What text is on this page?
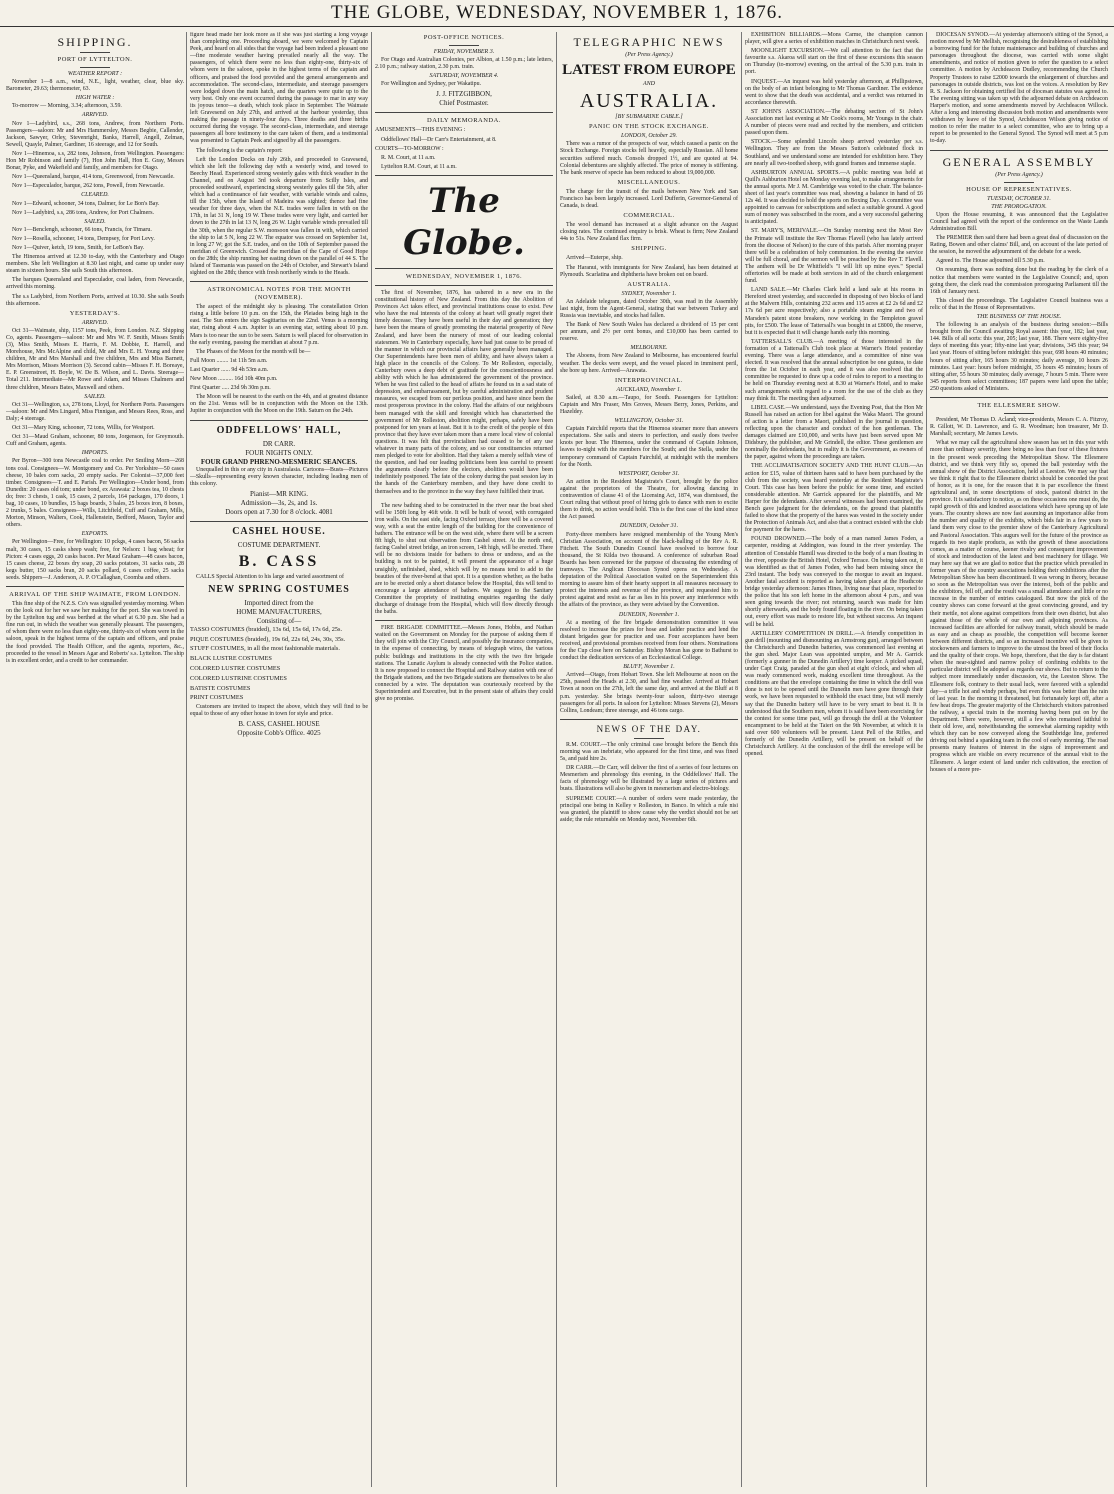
THE GLOBE, WEDNESDAY, NOVEMBER 1, 1876.
SHIPPING.
PORT OF LYTTELTON.
WEATHER REPORT :

November 1—8 a.m., wind, N.E., light, weather, clear, blue sky. Barometer, 29.63; thermometer, 63.

HIGH WATER :

To-morrow — Morning, 3.34; afternoon, 3.59.

ARRIVED.

Nov 1—Ladybird, s.s., 268 tons, Andrew, from Northern Ports. Passengers—saloon: Mr and Mrs Hammersley, Messrs Begbie, Callender, Jackson, Sawyer, Orley, Stevenright, Banks, Harrell, Angell, Zelman, Sewell, Quayle, Palmer, Gardiner, 16 steerage, and 12 for South.

Nov 1—Hinemoa, s.s, 282 tons, Johnson, from Wellington. Passengers: Hon Mr Robinson and family (7), Hon John Hall, Hon E. Gray, Messrs Bonar, Pyke, and Wakefield and family, and members for Otago.

Nov 1—Queensland, barque, 414 tons, Greenwood, from Newcastle.

Nov 1—Especulador, barque, 262 tons, Powell, from Newcastle.

CLEARED.

Nov 1—Edward, schooner, 34 tons, Dalmer, for Le Bon's Bay.

Nov 1—Ladybird, s.s, 286 tons, Andrew, for Port Chalmers.

SAILED.

Nov 1—Benclengh, schooner, 66 tons, Francis, for Timaru.

Nov 1—Rosella, schooner, 14 tons, Dempsey, for Port Levy.

Nov 1—Quiver, ketch, 19 tons, Smith, for LeBon's Bay.

The Hinemoa arrived at 12.30 to-day, with the Canterbury and Otago members. She left Wellington at 8.30 last night, and came up under easy steam in sixteen hours. She sails South this afternoon.

The barques Queensland and Especulador, coal laden, from Newcastle, arrived this morning.

The s.s Ladybird, from Northern Ports, arrived at 10.30. She sails South this afternoon.

YESTERDAY'S.
ARRIVED.

Oct 31—Waimate, ship, 1157 tons, Peek, from London. N.Z. Shipping Co, agents. Passengers—saloon: Mr and Mrs W. F. Smith, Misses Smith (3), Miss Smith, Misses E. Harris, F. M. Dobbie, E. Harrell, and Morehouse, Mrs McAlpine and child, Mr and Mrs E. H. Young and three children, Mr and Mrs Marshall and five children, Mrs and Miss Barnett, Mrs Morrison, Misses Morrison (3). Second cabin—Misses F. H. Boreaye, E. P. Greenstreet, H. Boyle, W. De B. Wilson, and L. Davis. Steerage—Total 211. Intermediate—Mr Rowe and Adam, and Misses Chalmers and three children, Messrs Bates, Maxwell and others.

SAILED.

Oct 31—Wellington, s.s, 278 tons, Lloyd, for Northern Ports. Passengers—saloon: Mr and Mrs Lingard, Miss Finnigan, and Messrs Rees, Ross, and Daly; 4 steerage.

Oct 31—Mary King, schooner, 72 tons, Willis, for Westport.

Oct 31—Maud Graham, schooner, 80 tons, Jorgenson, for Greymouth. Cuff and Graham, agents.

IMPORTS.

Per Byron—300 tons Newcastle coal to order. Per Smiling Morn—268 tons coal. Consignees—W. Montgomery and Co. Per Yorkshire—50 cases cheese, 10 bales corn sacks, 20 empty sacks. Per Colonist—37,000 feet timber. Consignees—T. and E. Parish. Per Wellington—Under bond, from Dunedin: 20 cases old tom; under bond, ex Arawata: 2 boxes tea, 10 chests do; free: 3 chests, 1 cask, 15 cases, 2 parcels, 164 packages, 170 doors, 1 bag, 10 cases, 10 bundles, 15 bags boards, 3 bales, 25 boxes iron, 8 boxes, 2 trunks, 5 bales. Consignees—Wills, Litchfield, Cuff and Graham, Mills, Morton, Minson, Walters, Cook, Hallenstein, Bedford, Mason, Taylor and others.

EXPORTS.

Per Wellington—Free, for Wellington: 10 pckgs, 4 cases bacon, 56 sacks malt, 30 cases, 15 casks sheep wash; free, for Nelson: 1 bag wheat; for Picton: 4 cases eggs, 20 casks bacon. Per Maud Graham—48 cases bacon, 15 cases cheese, 22 boxes dry soap, 20 sacks potatoes, 31 sacks oats, 28 kegs butter, 150 sacks bran, 20 sacks pollard, 6 cases coffee, 25 sacks seeds. Shippers—J. Anderson, A. P. O'Callaghan, Coomba and others.

ARRIVAL OF THE SHIP WAIMATE, FROM LONDON.

This fine ship of the N.Z.S. Co's was signalled yesterday morning. When on the look out for her we saw her making for the port. She was towed in by the Lyttelton tug and was berthed at the wharf at 6.30 p.m. She had a fine run out, in which the weather was generally pleasant. The passengers, of whom there were no less than eighty-one, thirty-six of whom were in the saloon, speak in the highest terms of the captain and officers, and praise the food provided. The Health Officer, and the agents, reporters, &c., proceeded to the vessel in Messrs Agar and Roberts' s.s. Lyttelton. The ship is in excellent order, and a credit to her commander.

figure head made her look more as if she was just starting a long voyage than completing one. Proceeding aboard, we were welcomed by Captain Peek, and heard on all sides that the voyage had been indeed a pleasant one—fine moderate weather having prevailed nearly all the way. The passengers, of which there were no less than eighty-one, thirty-six of whom were in the saloon, spoke in the highest terms of the captain and officers, and praised the food provided and the general arrangements and accommodation. The second-class, intermediate, and steerage passengers were lodged down the main hatch, and the quarters were quite up to the very best. Only one event occurred during the passage to mar in any way its joyous tenor—a death, which took place in September. The Waimate left Gravesend on July 27th, and arrived at the harbour yesterday, thus making the passage in ninety-four days. Three deaths and three births occurred during the voyage. The second-class, intermediate, and steerage passengers all bore testimony to the care taken of them, and a testimonial was presented to Captain Peek and signed by all the passengers.

The following is the captain's report:

Left the London Docks on July 26th, and proceeded to Gravesend, which she left the following day with a westerly wind, and towed to Beechy Head. Experienced strong westerly gales with thick weather in the Channel, and on August 3rd took departure from Scilly Isles, and proceeded southward, experiencing strong westerly gales till the 5th, after which had a continuance of fair weather, with variable winds and calms, till the 15th, when the Island of Madeira was sighted; thence had fine weather for three days, when the N.E. trades were fallen in with on the 17th, in lat 31 N, long 19 W. These trades were very light, and carried her down to the 27th in lat 13 N, long 26 W. Light variable winds prevailed till the 30th, when the regular S.W. monsoon was fallen in with, which carried the ship to lat 5 N, long 22 W. The equator was crossed on September 1st, in long 27 W; got the S.E. trades, and on the 10th of September passed the meridian of Greenwich. Crossed the meridian of the Cape of Good Hope on the 28th; the ship running her easting down on the parallel of 44 S. The Island of Tasmania was passed on the 24th of October, and Stewart's Island sighted on the 28th; thence with fresh northerly winds to the Heads.

ASTRONOMICAL NOTES FOR THE MONTH (NOVEMBER).

The aspect of the midnight sky is pleasing. The constellation Orion rising a little before 10 p.m. on the 15th, the Pleiades being high in the east. The Sun enters the sign Sagittarius on the 22nd. Venus is a morning star, rising about 4 a.m. Jupiter is an evening star, setting about 10 p.m. Mars is too near the sun to be seen. Saturn is well placed for observation in the early evening, passing the meridian at about 7 p.m.

The Phases of the Moon for the month will be—

Full Moon ........ 1st 11h 5m a.m.

Last Quarter ...... 9d 4h 53m a.m.

New Moon .......... 16d 10h 40m p.m.

First Quarter ..... 23d 9h 30m p.m.

The Moon will be nearest to the earth on the 4th, and at greatest distance on the 21st. Venus will be in conjunction with the Moon on the 13th. Jupiter in conjunction with the Moon on the 19th. Saturn on the 24th.

ODDFELLOWS' HALL,
DR CARR.
FOUR NIGHTS ONLY.
FOUR GRAND PHRENO-MESMERIC SEANCES.

Unequalled in this or any city in Australasia. Cartoons—Busts—Pictures—Skulls—representing every known character, including leading men of this colony.

Pianist—MR KING.
Admission—3s, 2s, and 1s.
Doors open at 7.30 for 8 o'clock. 4081
CASHEL HOUSE.
COSTUME DEPARTMENT.
B. CASS

CALLS Special Attention to his large and varied assortment of

NEW SPRING COSTUMES
Imported direct from the
HOME MANUFACTURERS,
Consisting of—

TASSO COSTUMES (braided), 13s 6d, 15s 6d, 17s 6d, 25s.

PIQUE COSTUMES (braided), 19s 6d, 22s 6d, 24s, 30s, 35s.

STUFF COSTUMES, in all the most fashionable materials.

BLACK LUSTRE COSTUMES

COLORED LUSTRE COSTUMES

COLORED LUSTRINE COSTUMES

BATISTE COSTUMES

PRINT COSTUMES

Customers are invited to inspect the above, which they will find to be equal to those of any other house in town for style and price.

B. CASS, CASHEL HOUSE
Opposite Cobb's Office. 4025
POST-OFFICE NOTICES.
FRIDAY, NOVEMBER 3.

For Otago and Australian Colonies, per Albion, at 1.50 p.m.; late letters, 2.10 p.m.; railway station, 2.30 p.m. train.

SATURDAY, NOVEMBER 4.

For Wellington and Sydney, per Wakatipu.

J. J. FITZGIBBON,
Chief Postmaster.
DAILY MEMORANDA.

AMUSEMENTS—THIS EVENING :

Oddfellows' Hall—Dr Carr's Entertainment, at 8.

COURTS—TO-MORROW :

R. M. Court, at 11 a.m.

Lyttelton R.M. Court, at 11 a.m.

The Globe.
WEDNESDAY, NOVEMBER 1, 1876.

The first of November, 1876, has ushered in a new era in the constitutional history of New Zealand. From this day the Abolition of Provinces Act takes effect, and provincial institutions cease to exist. Few who have the real interests of the colony at heart will greatly regret their timely decease. They have been useful in their day and generation; they have been the means of greatly promoting the material prosperity of New Zealand, and have been the nursery of most of our leading colonial statesmen. We in Canterbury especially, have had just cause to be proud of the manner in which our provincial affairs have generally been managed. Our Superintendents have been men of ability, and have always taken a high place in the councils of the Colony. To Mr Rolleston, especially, Canterbury owes a deep debt of gratitude for the conscientiousness and ability with which he has administered the government of the province. When he was first called to the head of affairs he found us in a sad state of depression, and embarrassment, but by careful administration and prudent measures, we escaped from our perilous position, and have since been the most prosperous province in the colony. Had the affairs of our neighbours been managed with the skill and foresight which has characterised the government of Mr Rolleston, abolition might, perhaps, safely have been postponed for ten years at least. But it is to the credit of the people of this province that they have ever taken more than a mere local view of colonial questions. It was felt that provincialism had ceased to be of any use whatever in many parts of the colony, and so our constituencies returned men pledged to vote for abolition. Had they taken a merely selfish view of the question, and had our leading politicians been less careful to present the arguments clearly before the electors, abolition would have been indefinitely postponed. The fate of the colony during the past session lay in the hands of the Canterbury members, and they have done credit to themselves and to the province in the way they have fulfilled their trust.

The new bathing shed to be constructed in the river near the boat shed will be 150ft long by 46ft wide. It will be built of wood, with corrugated iron walls. On the east side, facing Oxford terrace, there will be a covered way, with a seat the entire length of the building for the convenience of bathers. The entrance will be on the west side, where there will be a screen 8ft high, to shut out observation from Cashel street. At the north end, facing Cashel street bridge, an iron screen, 14ft high, will be erected. There will be no divisions inside for bathers to dress or undress, and as the building is not to be painted, it will present the appearance of a huge unsightly, unfinished, shed, which will by no means tend to add to the beauties of the river-bend at that spot. It is a question whether, as the baths are to be erected only a short distance below the Hospital, this will tend to encourage a large attendance of bathers. We suggest to the Sanitary Committee the propriety of instituting enquiries regarding the daily discharge of drainage from the Hospital, which will flow directly through the baths.

FIRE BRIGADE COMMITTEE.—Messrs Jones, Hobbs, and Nathan waited on the Government on Monday for the purpose of asking them if they will join with the City Council, and possibly the insurance companies, in the expense of connecting, by means of telegraph wires, the various public buildings and institutions in the city with the two fire brigade stations. The Lunatic Asylum is already connected with the Police station. It is now proposed to connect the Hospital and Railway station with one of the Brigade stations, and the two Brigade stations are themselves to be also connected by a wire. The deputation was courteously received by the Superintendent and Executive, but in the present state of affairs they could give no promise.

TELEGRAPHIC NEWS
(Per Press Agency.)
LATEST FROM EUROPE
AND
AUSTRALIA.
[BY SUBMARINE CABLE.]
PANIC ON THE STOCK EXCHANGE.
LONDON, October 29.

There was a rumor of the prospects of war, which caused a panic on the Stock Exchange. Foreign stocks fell heavily, especially Russian. All home securities suffered much. Consols dropped 1½, and are quoted at 94. Colonial debentures are slightly affected. The price of money is stiffening. The bank reserve of specie has been reduced to about 19,000,000.

MISCELLANEOUS.

The charge for the transit of the mails between New York and San Francisco has been largely increased. Lord Dufferin, Governor-General of Canada, is dead.

COMMERCIAL.

The wool demand has increased at a slight advance on the August closing rates. The continued enquiry is brisk. Wheat is firm; New Zealand 44s to 51s. New Zealand flax firm.

SHIPPING.

Arrived—Euterpe, ship.

The Haranui, with immigrants for New Zealand, has been detained at Plymouth. Scarlatina and diphtheria have broken out on board.

AUSTRALIA.
SYDNEY, November 1.

An Adelaide telegram, dated October 30th, was read in the Assembly last night, from the Agent-General, stating that war between Turkey and Russia was inevitable, and stocks had fallen.

The Bank of New South Wales has declared a dividend of 15 per cent per annum, and 2½ per cent bonus, and £10,000 has been carried to reserve.

MELBOURNE.

The Aboens, from New Zealand to Melbourne, has encountered fearful weather. The decks were swept, and the vessel placed in imminent peril, she bore up here. Arrived—Arawata.

INTERPROVINCIAL.
AUCKLAND, November 1.

Sailed, at 8.30 a.m.—Taupo, for South. Passengers for Lyttelton: Captain and Mrs Fraser, Mrs Groves, Messrs Berry, Jones, Perkins, and Hazeldey.

WELLINGTON, October 31.

Captain Fairchild reports that the Hinemoa steamer more than answers expectations. She sails and steers to perfection, and easily does twelve knots per hour. The Hinemoa, under the command of Captain Johnson, leaves to-night with the members for the South; and the Stella, under the temporary command of Captain Fairchild, at midnight with the members for the North.

WESTPORT, October 31.

An action in the Resident Magistrate's Court, brought by the police against the proprietors of the Theatre, for allowing dancing in contravention of clause 41 of the Licensing Act, 1874, was dismissed, the Court ruling that without proof of hiring girls to dance with men to excite them to drink, no action would hold. This is the first case of the kind since the Act passed.

DUNEDIN, October 31.

Forty-three members have resigned membership of the Young Men's Christian Association, on account of the black-balling of the Rev A. R. Fitchett. The South Dunedin Council have resolved to borrow four thousand, the St Kilda two thousand. A conference of suburban Road Boards has been convened for the purpose of discussing the extending of tramways. The Anglican Diocesan Synod opens on Wednesday. A deputation of the Political Association waited on the Superintendent this morning to assure him of their hearty support in all measures necessary to protect the interests and revenue of the province, and requested him to protest against and resist as far as lies in his power any interference with the affairs of the province, as they were advised by the Convention.

DUNEDIN, November 1.

At a meeting of the fire brigade demonstration committee it was resolved to increase the prizes for hose and ladder practice and lend the distant brigades gear for practice and use. Four acceptances have been received, and provisional promises received from four others. Nominations for the Cup close here on Saturday. Bishop Moran has gone to Bathurst to conduct the dedication services of an Ecclesiastical College.

BLUFF, November 1.

Arrived—Otago, from Hobart Town. She left Melbourne at noon on the 25th, passed the Heads at 2.30, and had fine weather. Arrived at Hobart Town at noon on the 27th, left the same day, and arrived at the Bluff at 8 p.m. yesterday. She brings twenty-four saloon, thirty-two steerage passengers for all ports. In saloon for Lyttelton: Misses Stevens (2), Messrs Collins, Londeam; three steerage, and 46 tons cargo.

NEWS OF THE DAY.

R.M. COURT.—The only criminal case brought before the Bench this morning was an inebriate, who appeared for the first time, and was fined 5s, and paid hire 2s.

DR CARR.—Dr Carr, will deliver the first of a series of four lectures on Mesmerism and phrenology this evening, in the Oddfellows' Hall. The facts of phrenology will be illustrated by a large series of pictures and busts. Illustrations will also be given in mesmerism and electro-biology.

SUPREME COURT.—A number of orders were made yesterday, the principal one being in Kelley v Rolleston, in Banco. In which a rule nisi was granted, the plaintiff to show cause why the verdict should not be set aside; the rule returnable on Monday next, November 6th.

EXHIBITION BILLIARDS.—Mons Carme, the champion cannon player, will give a series of exhibition matches in Christchurch next week.

MOONLIGHT EXCURSION.—We call attention to the fact that the favourite s.s. Akaroa will start on the first of these excursions this season on Thursday (to-morrow) evening, on the arrival of the 5.30 p.m. train in port.

INQUEST.—An inquest was held yesterday afternoon, at Phillipstown, on the body of an infant belonging to Mr Thomas Gardiner. The evidence went to show that the death was accidental, and a verdict was returned in accordance therewith.

ST JOHN'S ASSOCIATION.—The debating section of St John's Association met last evening at Mr Cook's rooms, Mr Youngs in the chair. A number of pieces were read and recited by the members, and criticism passed upon them.

STOCK.—Some splendid Lincoln sheep arrived yesterday per s.s. Wellington. They are from the Messrs Sutton's celebrated flock in Southland, and we understand some are intended for exhibition here. They are nearly all two-toothed sheep, with grand frames and immense staple.

ASHBURTON ANNUAL SPORTS.—A public meeting was held at Quill's Ashburton Hotel on Monday evening last, to make arrangements for the annual sports. Mr J. M. Cambridge was voted to the chair. The balance-sheet of last year's committee was read, showing a balance in hand of £6 12s 4d. It was decided to hold the sports on Boxing Day. A committee was appointed to canvass for subscriptions and select a suitable ground. A good sum of money was subscribed in the room, and a very successful gathering is anticipated.

ST. MARY'S, MERIVALE.—On Sunday morning next the Most Rev the Primate will institute the Rev Thomas Flavell (who has lately arrived from the diocese of Nelson) to the cure of this parish. After morning prayer there will be a celebration of holy communion. In the evening the service will be full choral, and the sermon will be preached by the Rev T. Flavell. The anthem will be Dr Whitfield's "I will lift up mine eyes." Special offertories will be made at both services in aid of the church enlargement fund.

LAND SALE.—Mr Charles Clark held a land sale at his rooms in Hereford street yesterday, and succeeded in disposing of two blocks of land at the Malvern Hills, containing 232 acres and 115 acres at £2 2s 6d and £2 17s 6d per acre respectively; also a portable steam engine and two of Marsden's patent stone breakers, now working in the Templeton gravel pits, for £500. The lease of Tattersall's was bought in at £8000, the reserve, but it is expected that it will change hands early this morning.

TATTERSALL'S CLUB.—A meeting of those interested in the formation of a Tattersall's Club took place at Warner's Hotel yesterday evening. There was a large attendance, and a committee of nine was elected. It was resolved that the annual subscription be one guinea, to date from the 1st October in each year, and it was also resolved that the committee be requested to draw up a code of rules to report to a meeting to be held on Thursday evening next at 8.30 at Warner's Hotel, and to make such arrangements with regard to a room for the use of the club as they may think fit. The meeting then adjourned.

LIBEL CASE.—We understand, says the Evening Post, that the Hon Mr Russell has raised an action for libel against the Waka Maori. The ground of action is a letter from a Maori, published in the journal in question, reflecting upon the character and conduct of the hon gentleman. The damages claimed are £10,000, and writs have just been served upon Mr Didsbury, the publisher, and Mr Grindell, the editor. These gentlemen are nominally the defendants, but in reality it is the Government, as owners of the paper, against whom the proceedings are taken.

THE ACCLIMATISATION SOCIETY AND THE HUNT CLUB.—An action for £15, value of thirteen hares said to have been purchased by the club from the society, was heard yesterday at the Resident Magistrate's Court. This case has been before the public for some time, and excited considerable attention. Mr Garrick appeared for the plaintiffs, and Mr Harper for the defendants. After several witnesses had been examined, the Bench gave judgment for the defendants, on the ground that plaintiffs failed to show that the property of the hares was vested in the society under the Protection of Animals Act, and also that a contract existed with the club for payment for the hares.

FOUND DROWNED.—The body of a man named James Foden, a carpenter, residing at Addington, was found in the river yesterday. The attention of Constable Hamill was directed to the body of a man floating in the river, opposite the British Hotel, Oxford Terrace. On being taken out, it was identified as that of James Foden, who had been missing since the 23rd instant. The body was conveyed to the morgue to await an inquest. Another fatal accident is reported as having taken place at the Heathcote bridge yesterday afternoon: James Hines, living near that place, reported to the police that his son left home in the afternoon about 4 p.m., and was seen going towards the river; not returning, search was made for him shortly afterwards, and the body found floating in the river. On being taken out, every effort was made to restore life, but without success. An inquest will be held.

ARTILLERY COMPETITION IN DRILL.—A friendly competition in gun drill (mounting and dismounting an Armstrong gun), arranged between the Christchurch and Dunedin batteries, was commenced last evening at the gun shed. Major Lean was appointed umpire, and Mr A. Garrick (formerly a gunner in the Dunedin Artillery) time keeper. A picked squad, under Capt Craig, paraded at the gun shed at eight o'clock, and when all was ready commenced work, making excellent time throughout. As the conditions are that the envelope containing the time in which the drill was done is not to be opened until the Dunedin men have gone through their work, we have been requested to withhold the exact time, but will merely say that the Dunedin battery will have to be very smart to beat it. It is understood that the Southern men, whom it is said have been exercising for the contest for some time past, will go through the drill at the Volunteer encampment to be held at the Taieri on the 9th November, at which it is said over 600 volunteers will be present. Lieut Pell of the Rifles, and formerly of the Dunedin Artillery, will be present on behalf of the Christchurch Artillery. At the conclusion of the drill the envelope will be opened.

DIOCESAN SYNOD.—At yesterday afternoon's sitting of the Synod, a motion moved by Mr Mellish, recognising the desirableness of establishing a borrowing fund for the future maintenance and building of churches and parsonages throughout the diocese, was carried with some slight amendments, and notice of motion given to refer the question to a select committee. A motion by Archdeacon Dudley, recommending the Church Property Trustees to raise £2000 towards the enlargement of churches and parsonages in outside districts, was lost on the voices. A resolution by Rev R. S. Jackson for obtaining certified list of diocesan statutes was agreed to. The evening sitting was taken up with the adjourned debate on Archdeacon Harper's motion, and some amendments moved by Archdeacon Willock. After a long and interesting discussion both motion and amendments were withdrawn by leave of the Synod, Archdeacon Wilson giving notice of motion to refer the matter to a select committee, who are to bring up a report to be presented to the General Synod. The Synod will meet at 5 p.m to-day.

GENERAL ASSEMBLY
(Per Press Agency.)
HOUSE OF REPRESENTATIVES.
TUESDAY, OCTOBER 31.
THE PROROGATION.

Upon the House resuming, it was announced that the Legislative Council had agreed with the report of the conference on the Waste Lands Administration Bill.

The PREMIER then said there had been a great deal of discussion on the Rating, Bowen and other claims' Bill, and, on account of the late period of the session, he moved the adjournment of the debate for a week.

Agreed to. The House adjourned till 5.30 p.m.

On resuming, there was nothing done but the reading by the clerk of a notice that members were wanted in the Legislative Council; and, upon going there, the clerk read the commission prorogueing Parliament till the 16th of January next.

This closed the proceedings. The Legislative Council business was a relic of that in the House of Representatives.

THE BUSINESS OF THE HOUSE.

The following is an analysis of the business during session:—Bills brought from the Council awaiting Royal assent: this year, 182; last year, 144. Bills of all sorts: this year, 205; last year, 188. There were eighty-five days of meeting this year; fifty-nine last year; divisions, 345 this year; 94 last year. Hours of sitting before midnight: this year, 698 hours 40 minutes; hours of sitting after, 165 hours 30 minutes; daily average, 10 hours 26 minutes. Last year: hours before midnight, 35 hours 45 minutes; hours of sitting after, 55 hours 30 minutes; daily average, 7 hours 5 min. There were 345 reports from select committees; 187 papers were laid upon the table; 250 questions asked of Ministers.

THE ELLESMERE SHOW.

President, Mr Thomas D. Acland; vice-presidents, Messrs C. A. Fitzroy, R. Gillott, W. D. Lawrence, and G. R. Woodman; hon treasurer, Mr D. Marshall; secretary, Mr James Lewis.

What we may call the agricultural show season has set in this year with more than ordinary severity, there being no less than four of these fixtures in the present week preceding the Metropolitan Show. The Ellesmere district, and we think very fitly so, opened the ball yesterday with the annual show of the District Association, held at Leeston. We may say that we think it right that to the Ellesmere district should be conceded the post of honor, as it is one, for the reason that it is par excellence the finest agricultural and, in some descriptions of stock, pastoral district in the province. It is satisfactory to notice, as on these occasions one must do, the rapid growth of this and kindred associations which have sprung up of late years. The country shows are now fast assuming an importance alike from the number and quality of the exhibits, which bids fair in a few years to land them very close to the premier show of the Canterbury Agricultural and Pastoral Association. This augurs well for the future of the province as regards its two staple products, as with the growth of these associations comes, as a matter of course, keener rivalry and consequent improvement of stock and introduction of the latest and best machinery for tillage. We may here say that we are glad to notice that the practice which prevailed in former years of the country associations holding their exhibitions after the Metropolitan Show has been discontinued. It was wrong in theory, because so soon as the Metropolitan was over the interest, both of the public and the exhibitors, fell off, and the result was a small attendance and little or no increase in the number of entries catalogued. But now the pick of the country shows can come forward at the great convincing ground, and try their mettle, not alone against competitors from their own district, but also against those of the whole of our own and adjoining provinces. As increased facilities are afforded for railway transit, which should be made as easy and as cheap as possible, the competition will become keener between different districts, and so an increased incentive will be given to stockowners and farmers to improve to the utmost the breed of their flocks and the quality of their crops. We hope, therefore, that the day is far distant when the near-sighted and narrow policy of confining exhibits to the particular district will be adopted as regards our shows. But to return to the subject more immediately under discussion, viz, the Leeston Show. The Ellesmere folk, contrary to their usual luck, were favored with a splendid day—a trifle hot and windy perhaps, but even this was better than the rain of last year. In the morning it threatened, but fortunately kept off, after a few heat drops. The greater majority of the Christchurch visitors patronised the railway, a special train in the morning having been put on by the Department. There were, however, still a few who remained faithful to their old love, and, notwithstanding the somewhat alarming rapidity with which they can be now conveyed along the Southbridge line, preferred driving out behind a spanking team in the cool of early morning. The road presents many features of interest in the signs of improvement and progress which are visible on every recurrence of the annual visit to the Ellesmere. A larger extent of land under rich cultivation, the erection of houses of a more pre-
